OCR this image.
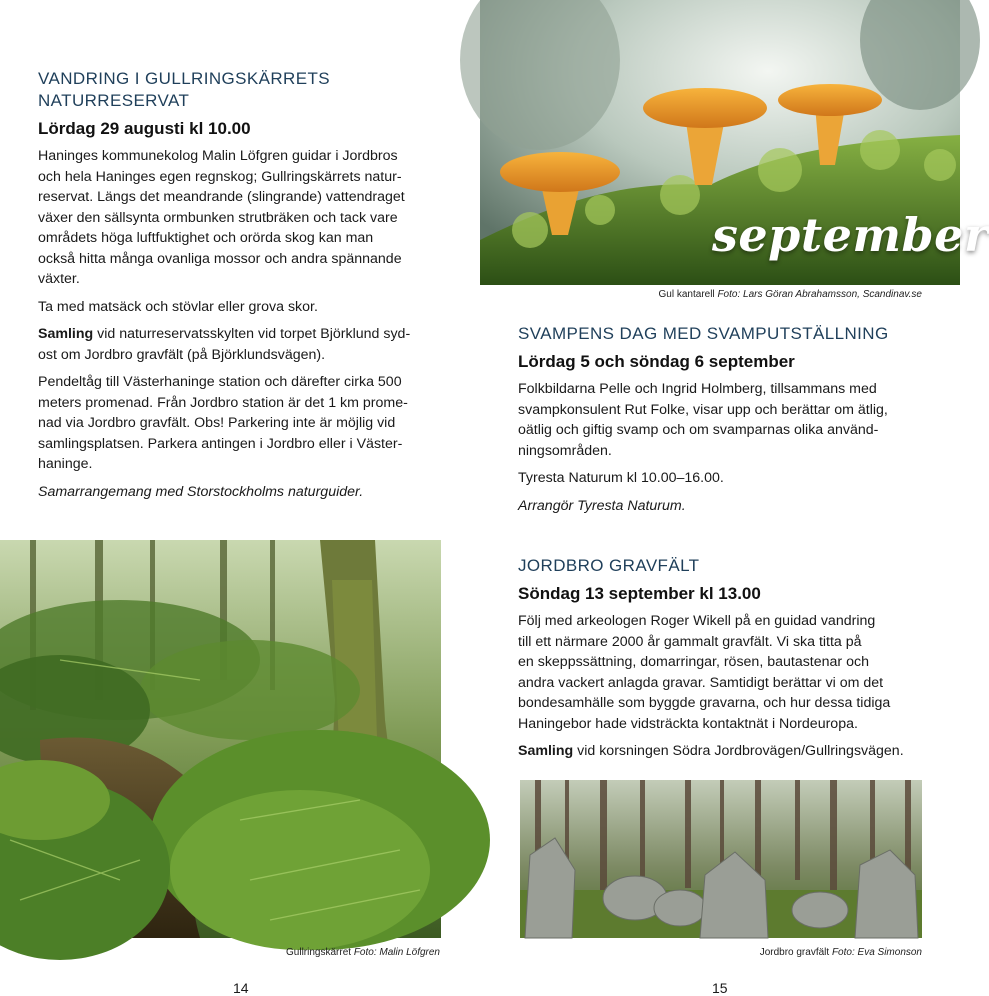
VANDRING I GULLRINGSKÄRRETS
NATURRESERVAT
Lördag 29 augusti kl 10.00
Haninges kommunekolog Malin Löfgren guidar i Jordbros
och hela Haninges egen regnskog; Gullringskärrets natur-
reservat. Längs det meandrande (slingrande) vattendraget
växer den sällsynta ormbunken strutbräken och tack vare
områdets höga luftfuktighet och orörda skog kan man
också hitta många ovanliga mossor och andra spännande
växter.
Ta med matsäck och stövlar eller grova skor.
Samling vid naturreservatsskylten vid torpet Björklund syd-
ost om Jordbro gravfält (på Björklundsvägen).
Pendeltåg till Västerhaninge station och därefter cirka 500
meters promenad. Från Jordbro station är det 1 km prome-
nad via Jordbro gravfält. Obs! Parkering inte är möjlig vid
samlingsplatsen. Parkera antingen i Jordbro eller i Väster-
haninge.
Samarrangemang med Storstockholms naturguider.
Gullringskärret Foto: Malin Löfgren
14
september
Gul kantarell Foto: Lars Göran Abrahamsson, Scandinav.se
SVAMPENS DAG MED SVAMPUTSTÄLLNING
Lördag 5 och söndag 6 september
Folkbildarna Pelle och Ingrid Holmberg, tillsammans med
svampkonsulent Rut Folke, visar upp och berättar om ätlig,
oätlig och giftig svamp och om svamparnas olika använd-
ningsområden.
Tyresta Naturum kl 10.00–16.00.
Arrangör Tyresta Naturum.
JORDBRO GRAVFÄLT
Söndag 13 september kl 13.00
Följ med arkeologen Roger Wikell på en guidad vandring
till ett närmare 2000 år gammalt gravfält. Vi ska titta på
en skeppssättning, domarringar, rösen, bautastenar och
andra vackert anlagda gravar. Samtidigt berättar vi om det
bondesamhälle som byggde gravarna, och hur dessa tidiga
Haningebor hade vidsträckta kontaktnät i Nordeuropa.
Samling vid korsningen Södra Jordbrovägen/Gullringsvägen.
Jordbro gravfält Foto: Eva Simonson
15
